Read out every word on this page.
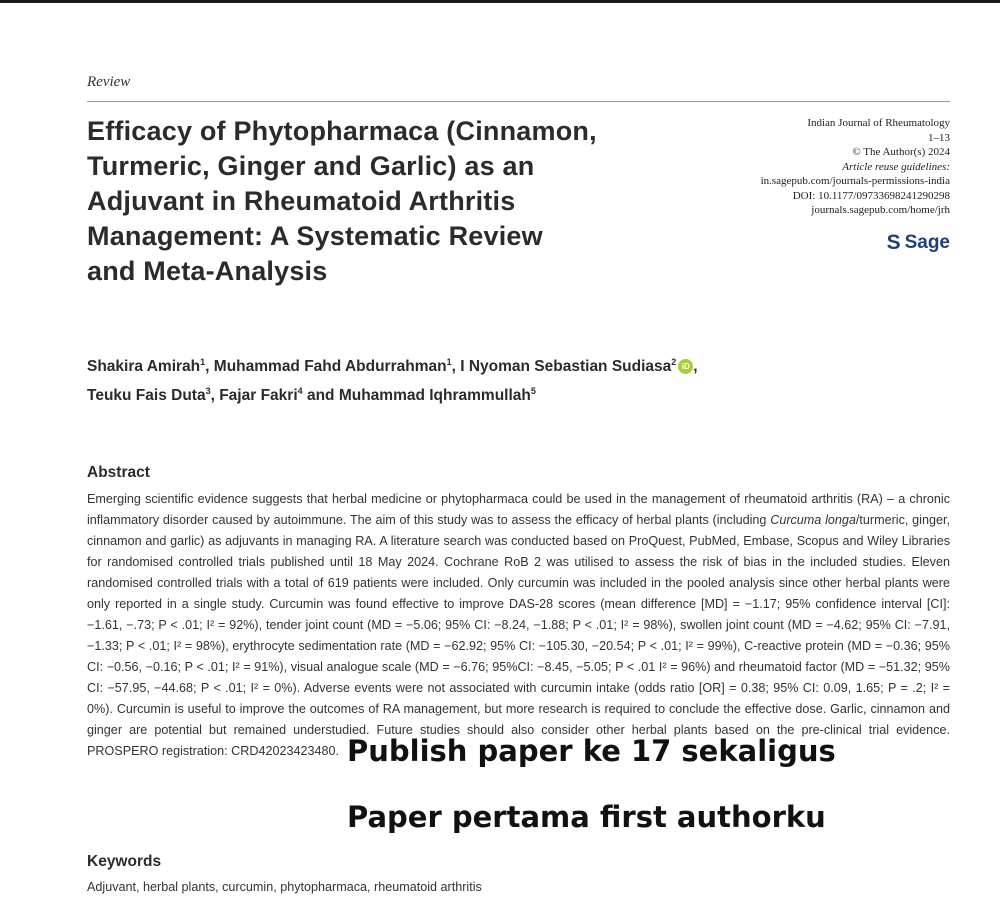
Review
Efficacy of Phytopharmaca (Cinnamon,
Turmeric, Ginger and Garlic) as an
Adjuvant in Rheumatoid Arthritis
Management: A Systematic Review
and Meta-Analysis
Indian Journal of Rheumatology
1–13
© The Author(s) 2024
Article reuse guidelines:
in.sagepub.com/journals-permissions-india
DOI: 10.1177/09733698241290298
journals.sagepub.com/home/jrh
S Sage
Shakira Amirah$^1$, Muhammad Fahd Abdurrahman$^1$, I Nyoman Sebastian Sudiasa$^2$ iD ,
Teuku Fais Duta$^3$, Fajar Fakri$^4$ and Muhammad Iqhrammullah$^5$
Abstract
Emerging scientific evidence suggests that herbal medicine or phytopharmaca could be used in the management of rheumatoid arthritis (RA) – a chronic inflammatory disorder caused by autoimmune. The aim of this study was to assess the efficacy of herbal plants (including Curcuma longa/turmeric, ginger, cinnamon and garlic) as adjuvants in managing RA. A literature search was conducted based on ProQuest, PubMed, Embase, Scopus and Wiley Libraries for randomised controlled trials published until 18 May 2024. Cochrane RoB 2 was utilised to assess the risk of bias in the included studies. Eleven randomised controlled trials with a total of 619 patients were included. Only curcumin was included in the pooled analysis since other herbal plants were only reported in a single study. Curcumin was found effective to improve DAS-28 scores (mean difference [MD] = −1.17; 95% confidence interval [CI]: −1.61, −.73; P < .01; I² = 92%), tender joint count (MD = −5.06; 95% CI: −8.24, −1.88; P < .01; I² = 98%), swollen joint count (MD = −4.62; 95% CI: −7.91, −1.33; P < .01; I² = 98%), erythrocyte sedimentation rate (MD = −62.92; 95% CI: −105.30, −20.54; P < .01; I² = 99%), C-reactive protein (MD = −0.36; 95% CI: −0.56, −0.16; P < .01; I² = 91%), visual analogue scale (MD = −6.76; 95%CI: −8.45, −5.05; P < .01 I² = 96%) and rheumatoid factor (MD = −51.32; 95% CI: −57.95, −44.68; P < .01; I² = 0%). Adverse events were not associated with curcumin intake (odds ratio [OR] = 0.38; 95% CI: 0.09, 1.65; P = .2; I² = 0%). Curcumin is useful to improve the outcomes of RA management, but more research is required to conclude the effective dose. Garlic, cinnamon and ginger are potential but remained understudied. Future studies should also consider other herbal plants based on the pre-clinical trial evidence. PROSPERO registration: CRD42023423480.
Keywords
Adjuvant, herbal plants, curcumin, phytopharmaca, rheumatoid arthritis
Publish paper ke 17 sekaligus
Paper pertama first authorku
